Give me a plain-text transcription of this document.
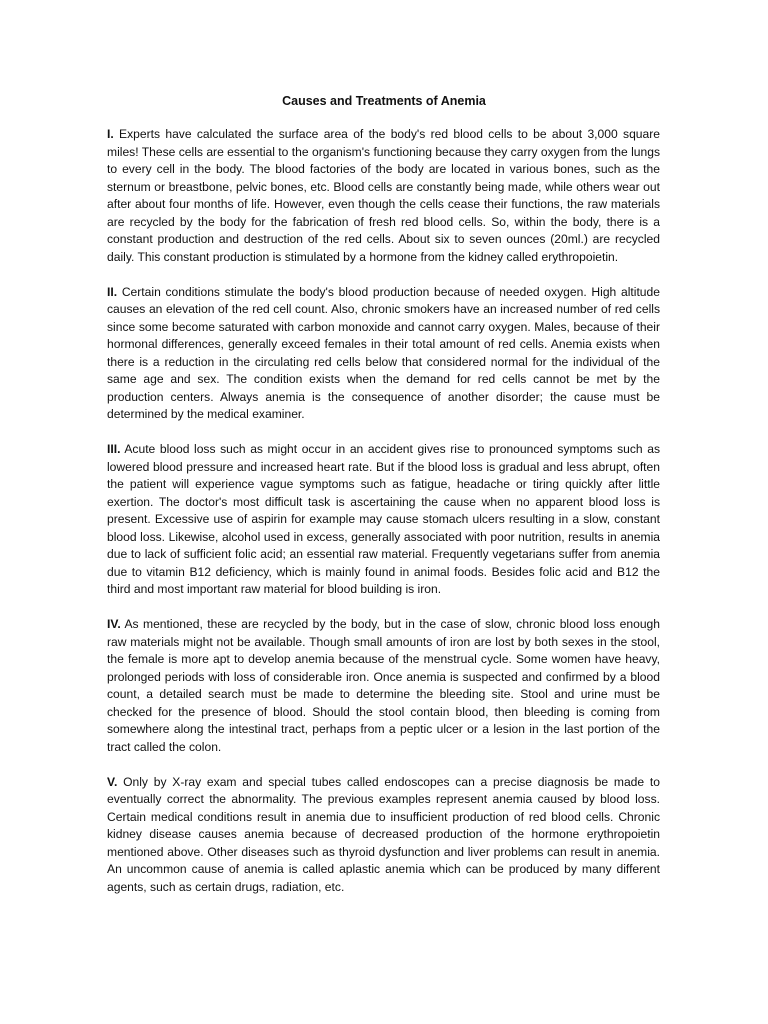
Causes and Treatments of Anemia

I. Experts have calculated the surface area of the body's red blood cells to be about 3,000 square miles! These cells are essential to the organism's functioning because they carry oxygen from the lungs to every cell in the body. The blood factories of the body are located in various bones, such as the sternum or breastbone, pelvic bones, etc. Blood cells are constantly being made, while others wear out after about four months of life. However, even though the cells cease their functions, the raw materials are recycled by the body for the fabrication of fresh red blood cells. So, within the body, there is a constant production and destruction of the red cells. About six to seven ounces (20ml.) are recycled daily. This constant production is stimulated by a hormone from the kidney called erythropoietin.

II. Certain conditions stimulate the body's blood production because of needed oxygen. High altitude causes an elevation of the red cell count. Also, chronic smokers have an increased number of red cells since some become saturated with carbon monoxide and cannot carry oxygen. Males, because of their hormonal differences, generally exceed females in their total amount of red cells. Anemia exists when there is a reduction in the circulating red cells below that considered normal for the individual of the same age and sex. The condition exists when the demand for red cells cannot be met by the production centers. Always anemia is the consequence of another disorder; the cause must be determined by the medical examiner.

III. Acute blood loss such as might occur in an accident gives rise to pronounced symptoms such as lowered blood pressure and increased heart rate. But if the blood loss is gradual and less abrupt, often the patient will experience vague symptoms such as fatigue, headache or tiring quickly after little exertion. The doctor's most difficult task is ascertaining the cause when no apparent blood loss is present. Excessive use of aspirin for example may cause stomach ulcers resulting in a slow, constant blood loss. Likewise, alcohol used in excess, generally associated with poor nutrition, results in anemia due to lack of sufficient folic acid; an essential raw material. Frequently vegetarians suffer from anemia due to vitamin B12 deficiency, which is mainly found in animal foods. Besides folic acid and B12 the third and most important raw material for blood building is iron.

IV. As mentioned, these are recycled by the body, but in the case of slow, chronic blood loss enough raw materials might not be available. Though small amounts of iron are lost by both sexes in the stool, the female is more apt to develop anemia because of the menstrual cycle. Some women have heavy, prolonged periods with loss of considerable iron. Once anemia is suspected and confirmed by a blood count, a detailed search must be made to determine the bleeding site. Stool and urine must be checked for the presence of blood. Should the stool contain blood, then bleeding is coming from somewhere along the intestinal tract, perhaps from a peptic ulcer or a lesion in the last portion of the tract called the colon.

V. Only by X-ray exam and special tubes called endoscopes can a precise diagnosis be made to eventually correct the abnormality. The previous examples represent anemia caused by blood loss. Certain medical conditions result in anemia due to insufficient production of red blood cells. Chronic kidney disease causes anemia because of decreased production of the hormone erythropoietin mentioned above. Other diseases such as thyroid dysfunction and liver problems can result in anemia. An uncommon cause of anemia is called aplastic anemia which can be produced by many different agents, such as certain drugs, radiation, etc.
